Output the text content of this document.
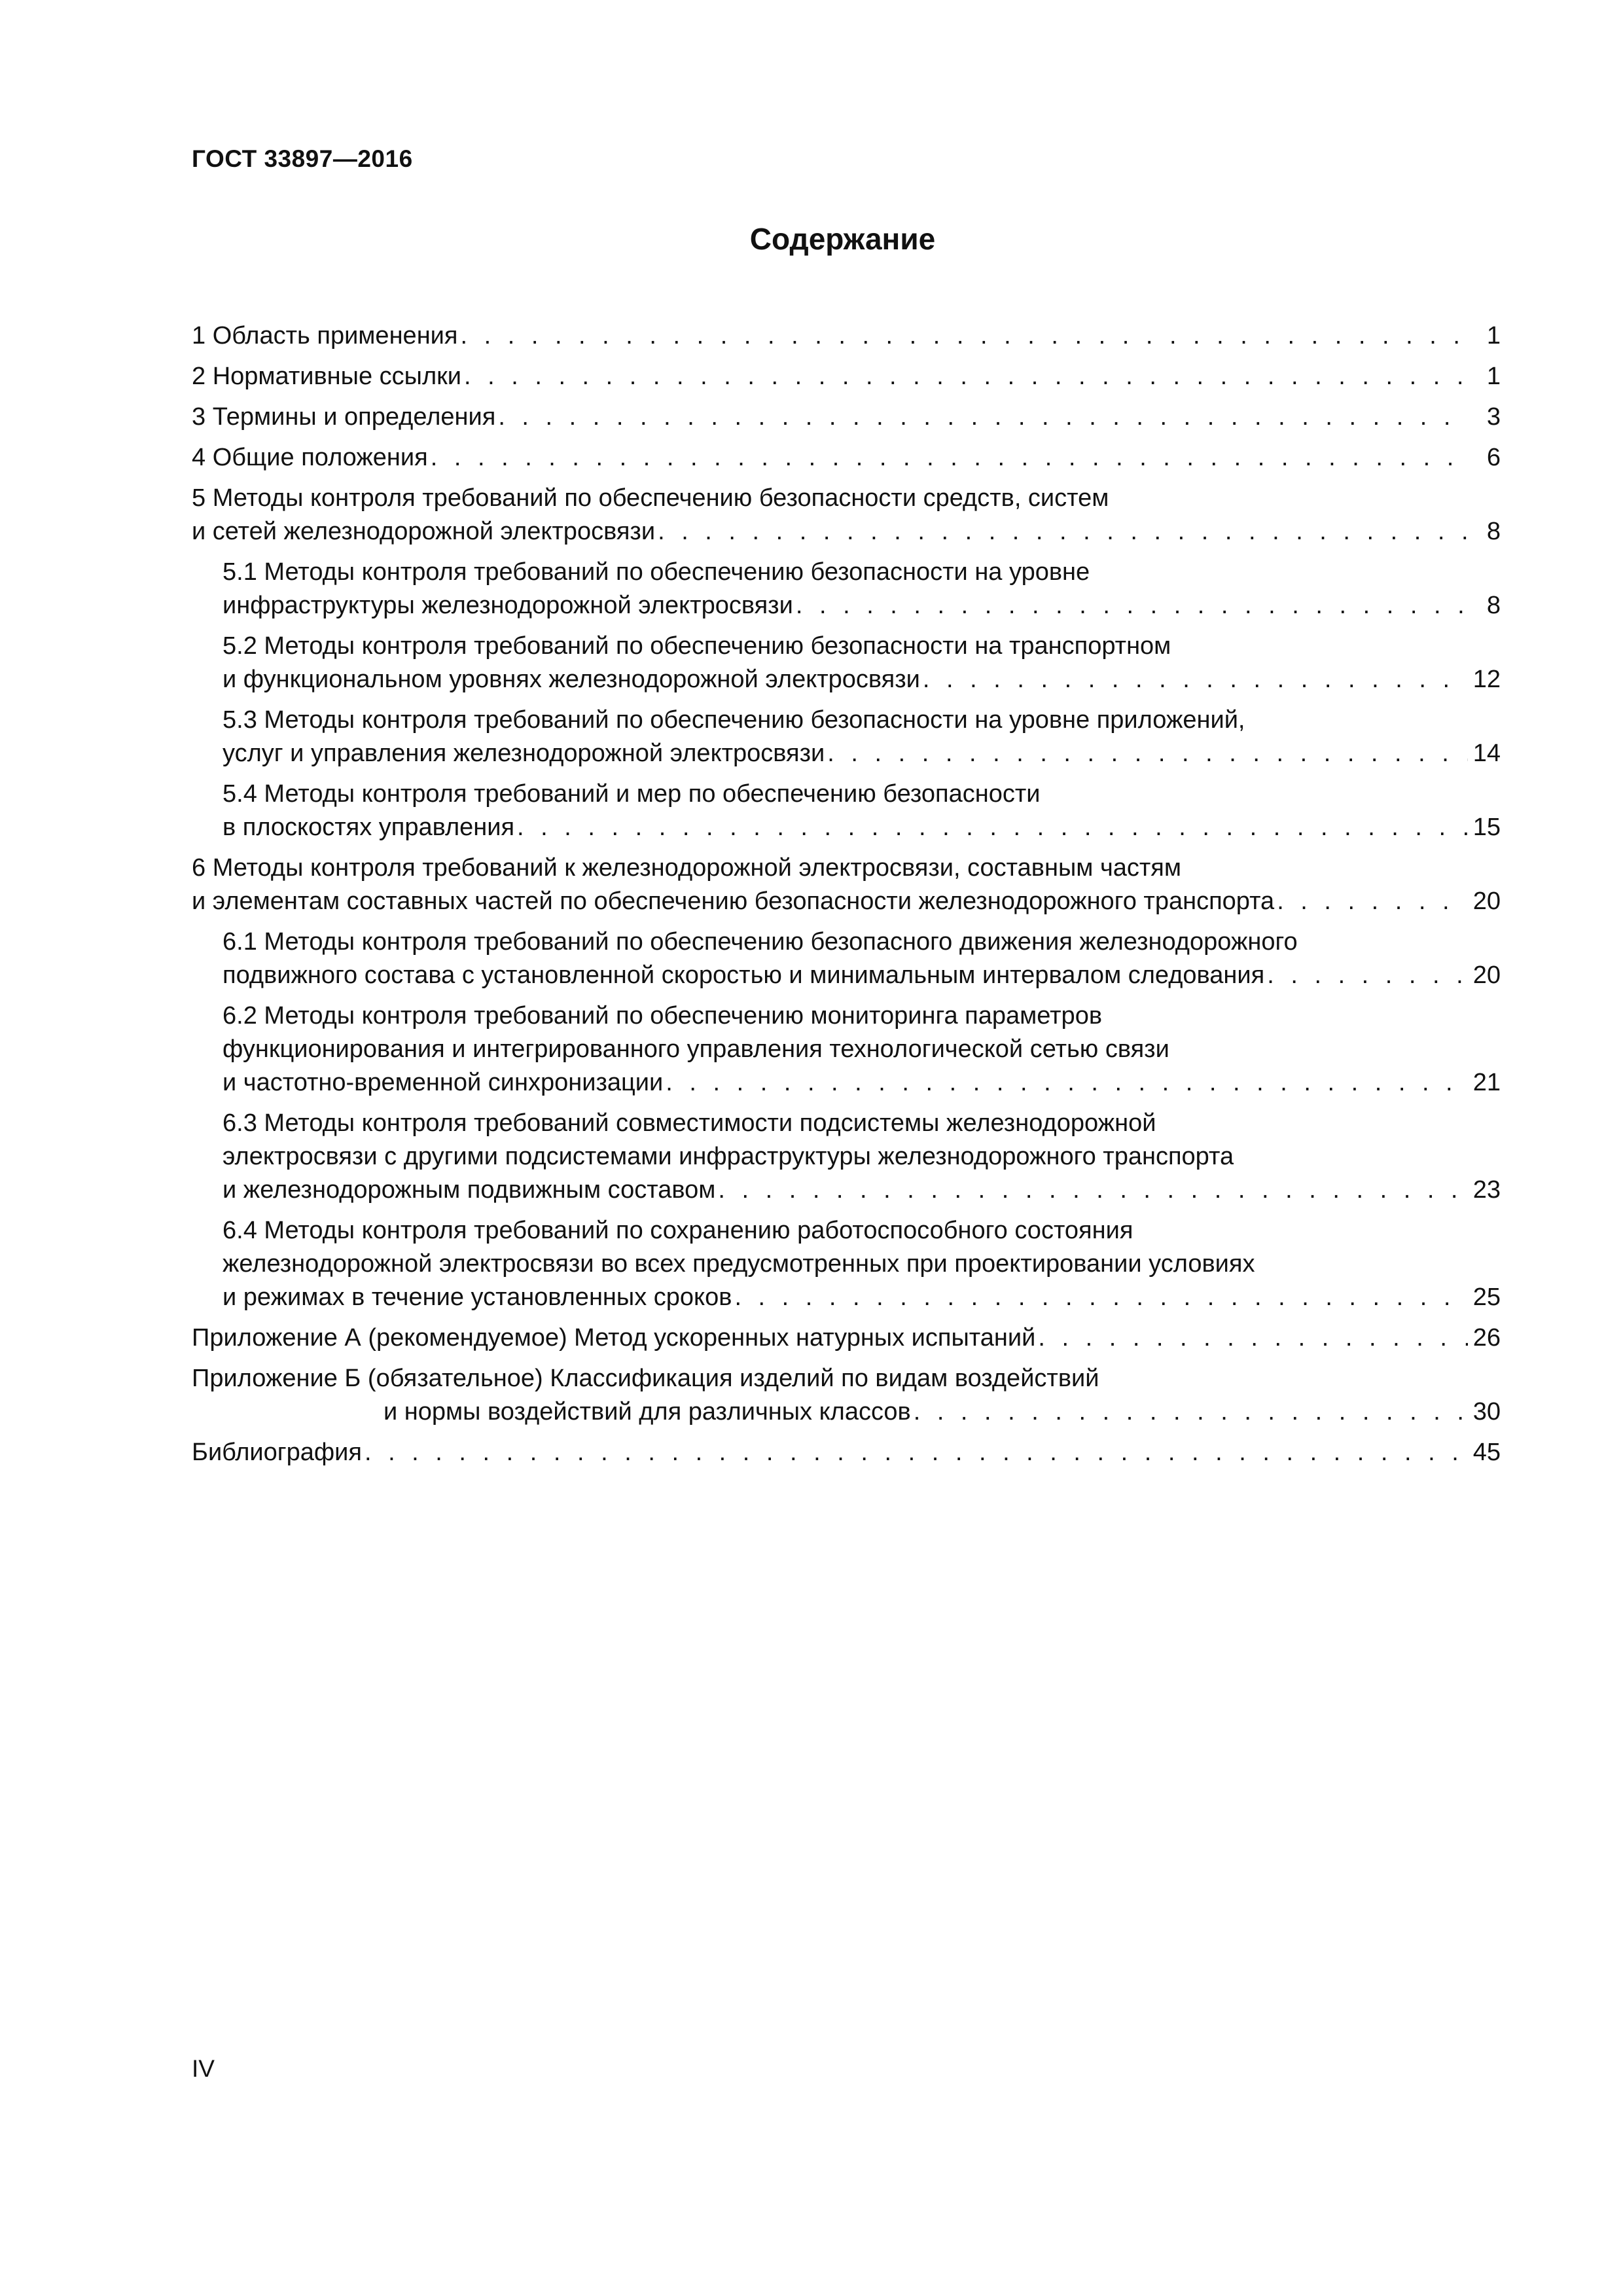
ГОСТ 33897—2016
Содержание
1 Область применения . . .	1
2 Нормативные ссылки . . .	1
3 Термины и определения . . .	3
4 Общие положения . . .	6
5 Методы контроля требований по обеспечению безопасности средств, систем
и сетей железнодорожной электросвязи . . .	8
5.1 Методы контроля требований по обеспечению безопасности на уровне
инфраструктуры железнодорожной электросвязи . . .	8
5.2 Методы контроля требований по обеспечению безопасности на транспортном
и функциональном уровнях железнодорожной электросвязи . . .	12
5.3 Методы контроля требований по обеспечению безопасности на уровне приложений,
услуг и управления железнодорожной электросвязи . . .	14
5.4 Методы контроля требований и мер по обеспечению безопасности
в плоскостях управления . . .	15
6 Методы контроля требований к железнодорожной электросвязи, составным частям
и элементам составных частей по обеспечению безопасности железнодорожного транспорта . . .	20
6.1 Методы контроля требований по обеспечению безопасного движения железнодорожного
подвижного состава с установленной скоростью и минимальным интервалом следования . . .	20
6.2 Методы контроля требований по обеспечению мониторинга параметров
функционирования и интегрированного управления технологической сетью связи
и частотно-временной синхронизации . . .	21
6.3 Методы контроля требований совместимости подсистемы железнодорожной
электросвязи с другими подсистемами инфраструктуры железнодорожного транспорта
и железнодорожным подвижным составом . . .	23
6.4 Методы контроля требований по сохранению работоспособного состояния
железнодорожной электросвязи во всех предусмотренных при проектировании условиях
и режимах в течение установленных сроков . . .	25
Приложение А (рекомендуемое) Метод ускоренных натурных испытаний . . .	26
Приложение Б (обязательное) Классификация изделий по видам воздействий
и нормы воздействий для различных классов . . .	30
Библиография . . .	45
IV
